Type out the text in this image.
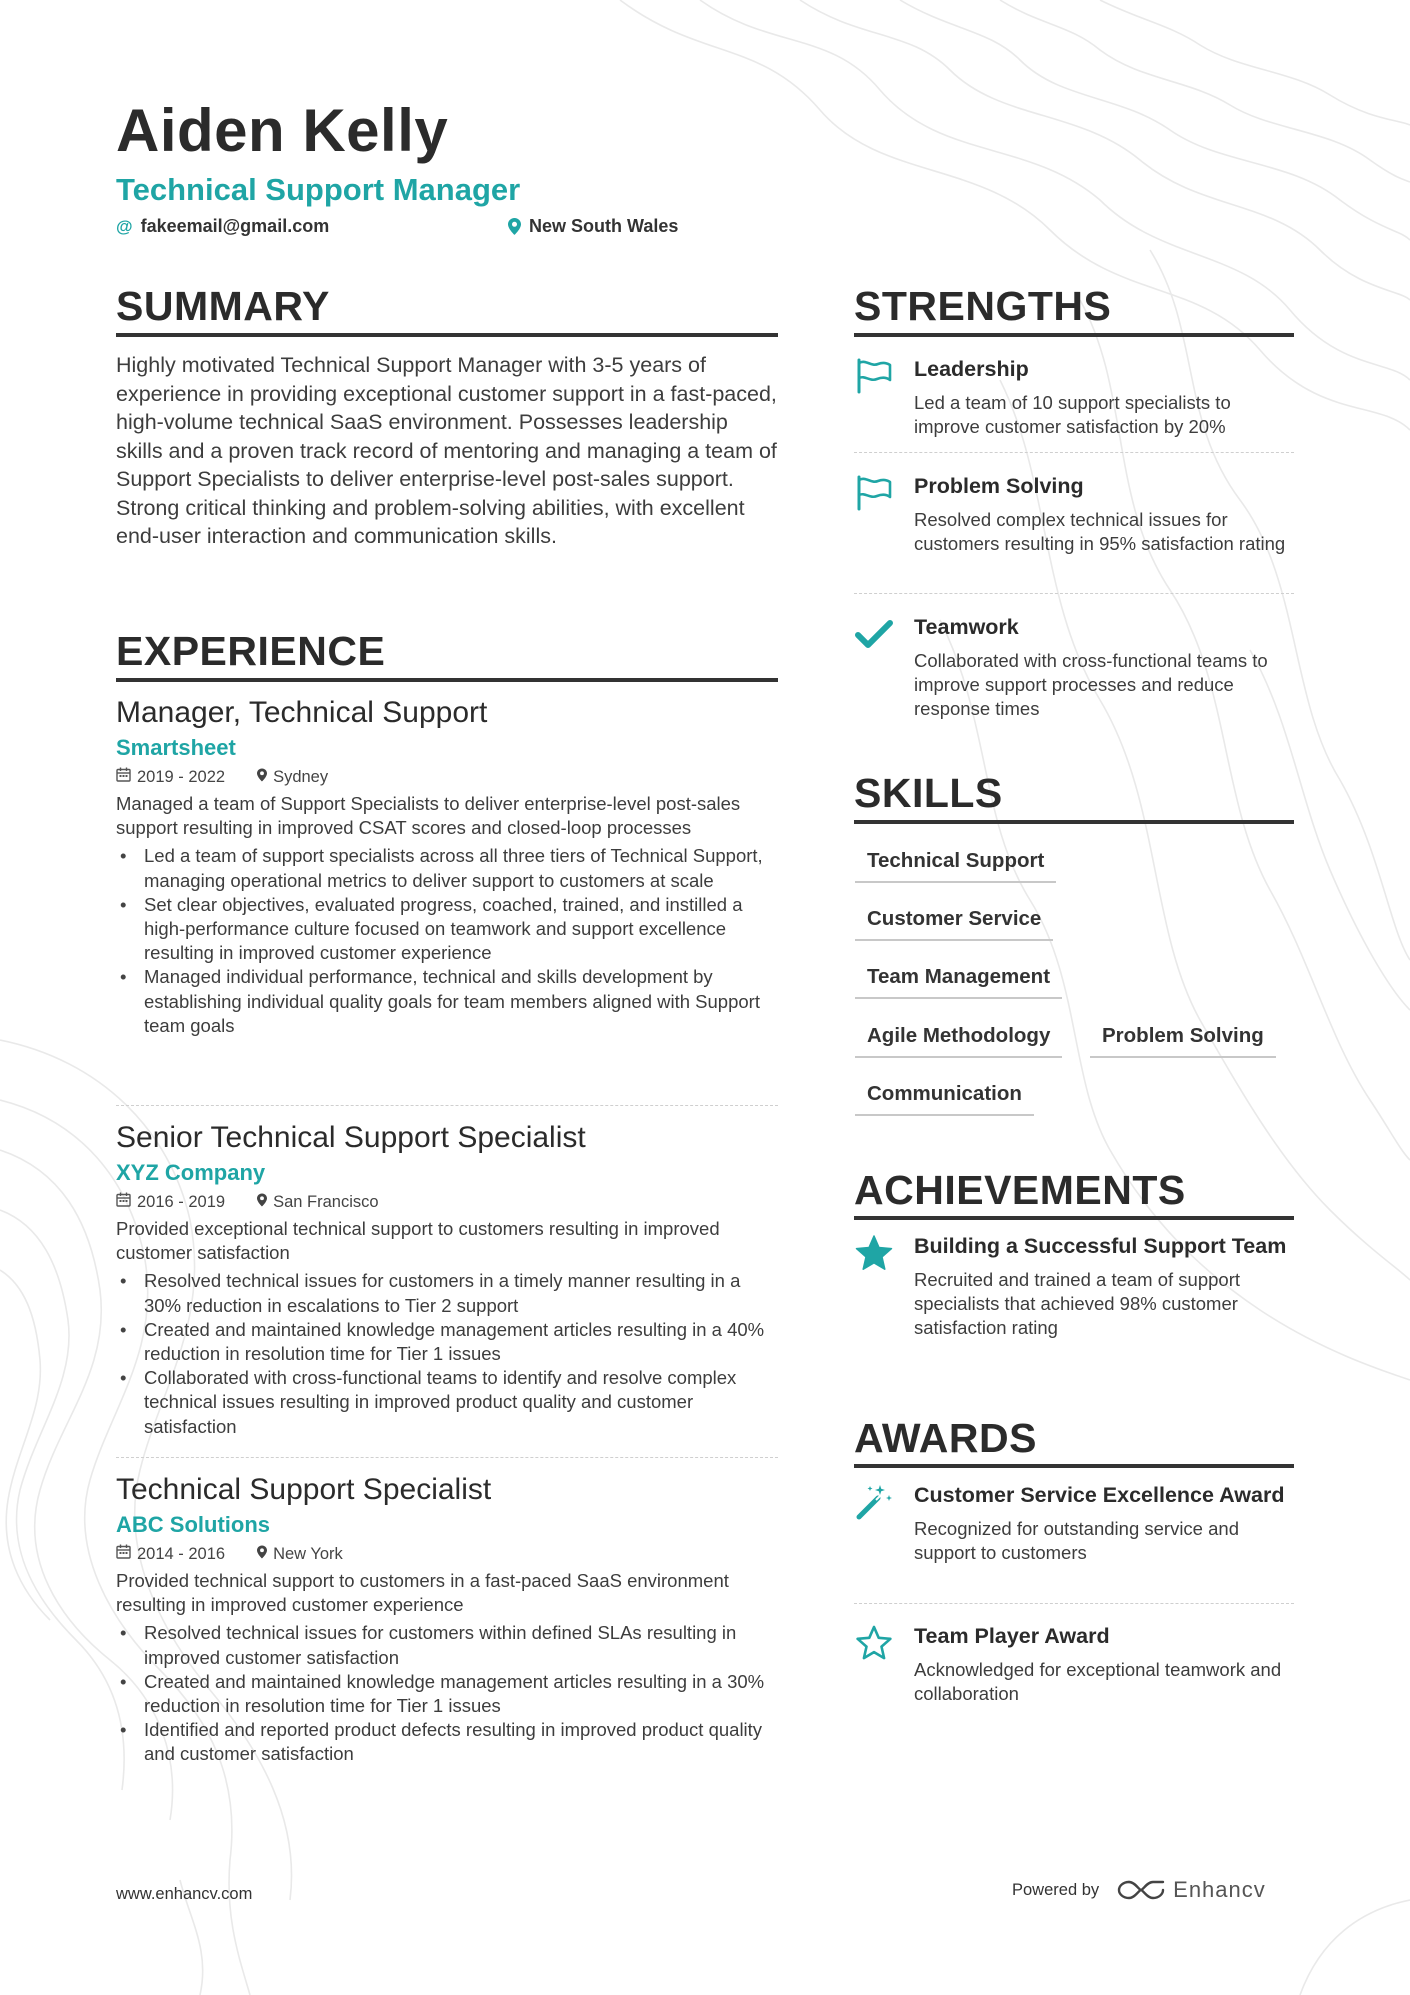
Aiden Kelly
Technical Support Manager
@ fakeemail@gmail.com	New South Wales
SUMMARY
Highly motivated Technical Support Manager with 3-5 years of experience in providing exceptional customer support in a fast-paced, high-volume technical SaaS environment. Possesses leadership skills and a proven track record of mentoring and managing a team of Support Specialists to deliver enterprise-level post-sales support. Strong critical thinking and problem-solving abilities, with excellent end-user interaction and communication skills.
EXPERIENCE
Manager, Technical Support
Smartsheet
2019 - 2022	Sydney
Managed a team of Support Specialists to deliver enterprise-level post-sales support resulting in improved CSAT scores and closed-loop processes
• Led a team of support specialists across all three tiers of Technical Support, managing operational metrics to deliver support to customers at scale
• Set clear objectives, evaluated progress, coached, trained, and instilled a high-performance culture focused on teamwork and support excellence resulting in improved customer experience
• Managed individual performance, technical and skills development by establishing individual quality goals for team members aligned with Support team goals
Senior Technical Support Specialist
XYZ Company
2016 - 2019	San Francisco
Provided exceptional technical support to customers resulting in improved customer satisfaction
• Resolved technical issues for customers in a timely manner resulting in a 30% reduction in escalations to Tier 2 support
• Created and maintained knowledge management articles resulting in a 40% reduction in resolution time for Tier 1 issues
• Collaborated with cross-functional teams to identify and resolve complex technical issues resulting in improved product quality and customer satisfaction
Technical Support Specialist
ABC Solutions
2014 - 2016	New York
Provided technical support to customers in a fast-paced SaaS environment resulting in improved customer experience
• Resolved technical issues for customers within defined SLAs resulting in improved customer satisfaction
• Created and maintained knowledge management articles resulting in a 30% reduction in resolution time for Tier 1 issues
• Identified and reported product defects resulting in improved product quality and customer satisfaction
STRENGTHS
Leadership
Led a team of 10 support specialists to improve customer satisfaction by 20%
Problem Solving
Resolved complex technical issues for customers resulting in 95% satisfaction rating
Teamwork
Collaborated with cross-functional teams to improve support processes and reduce response times
SKILLS
Technical Support
Customer Service
Team Management
Agile Methodology	Problem Solving
Communication
ACHIEVEMENTS
Building a Successful Support Team
Recruited and trained a team of support specialists that achieved 98% customer satisfaction rating
AWARDS
Customer Service Excellence Award
Recognized for outstanding service and support to customers
Team Player Award
Acknowledged for exceptional teamwork and collaboration
www.enhancv.com	Powered by	Enhancv
